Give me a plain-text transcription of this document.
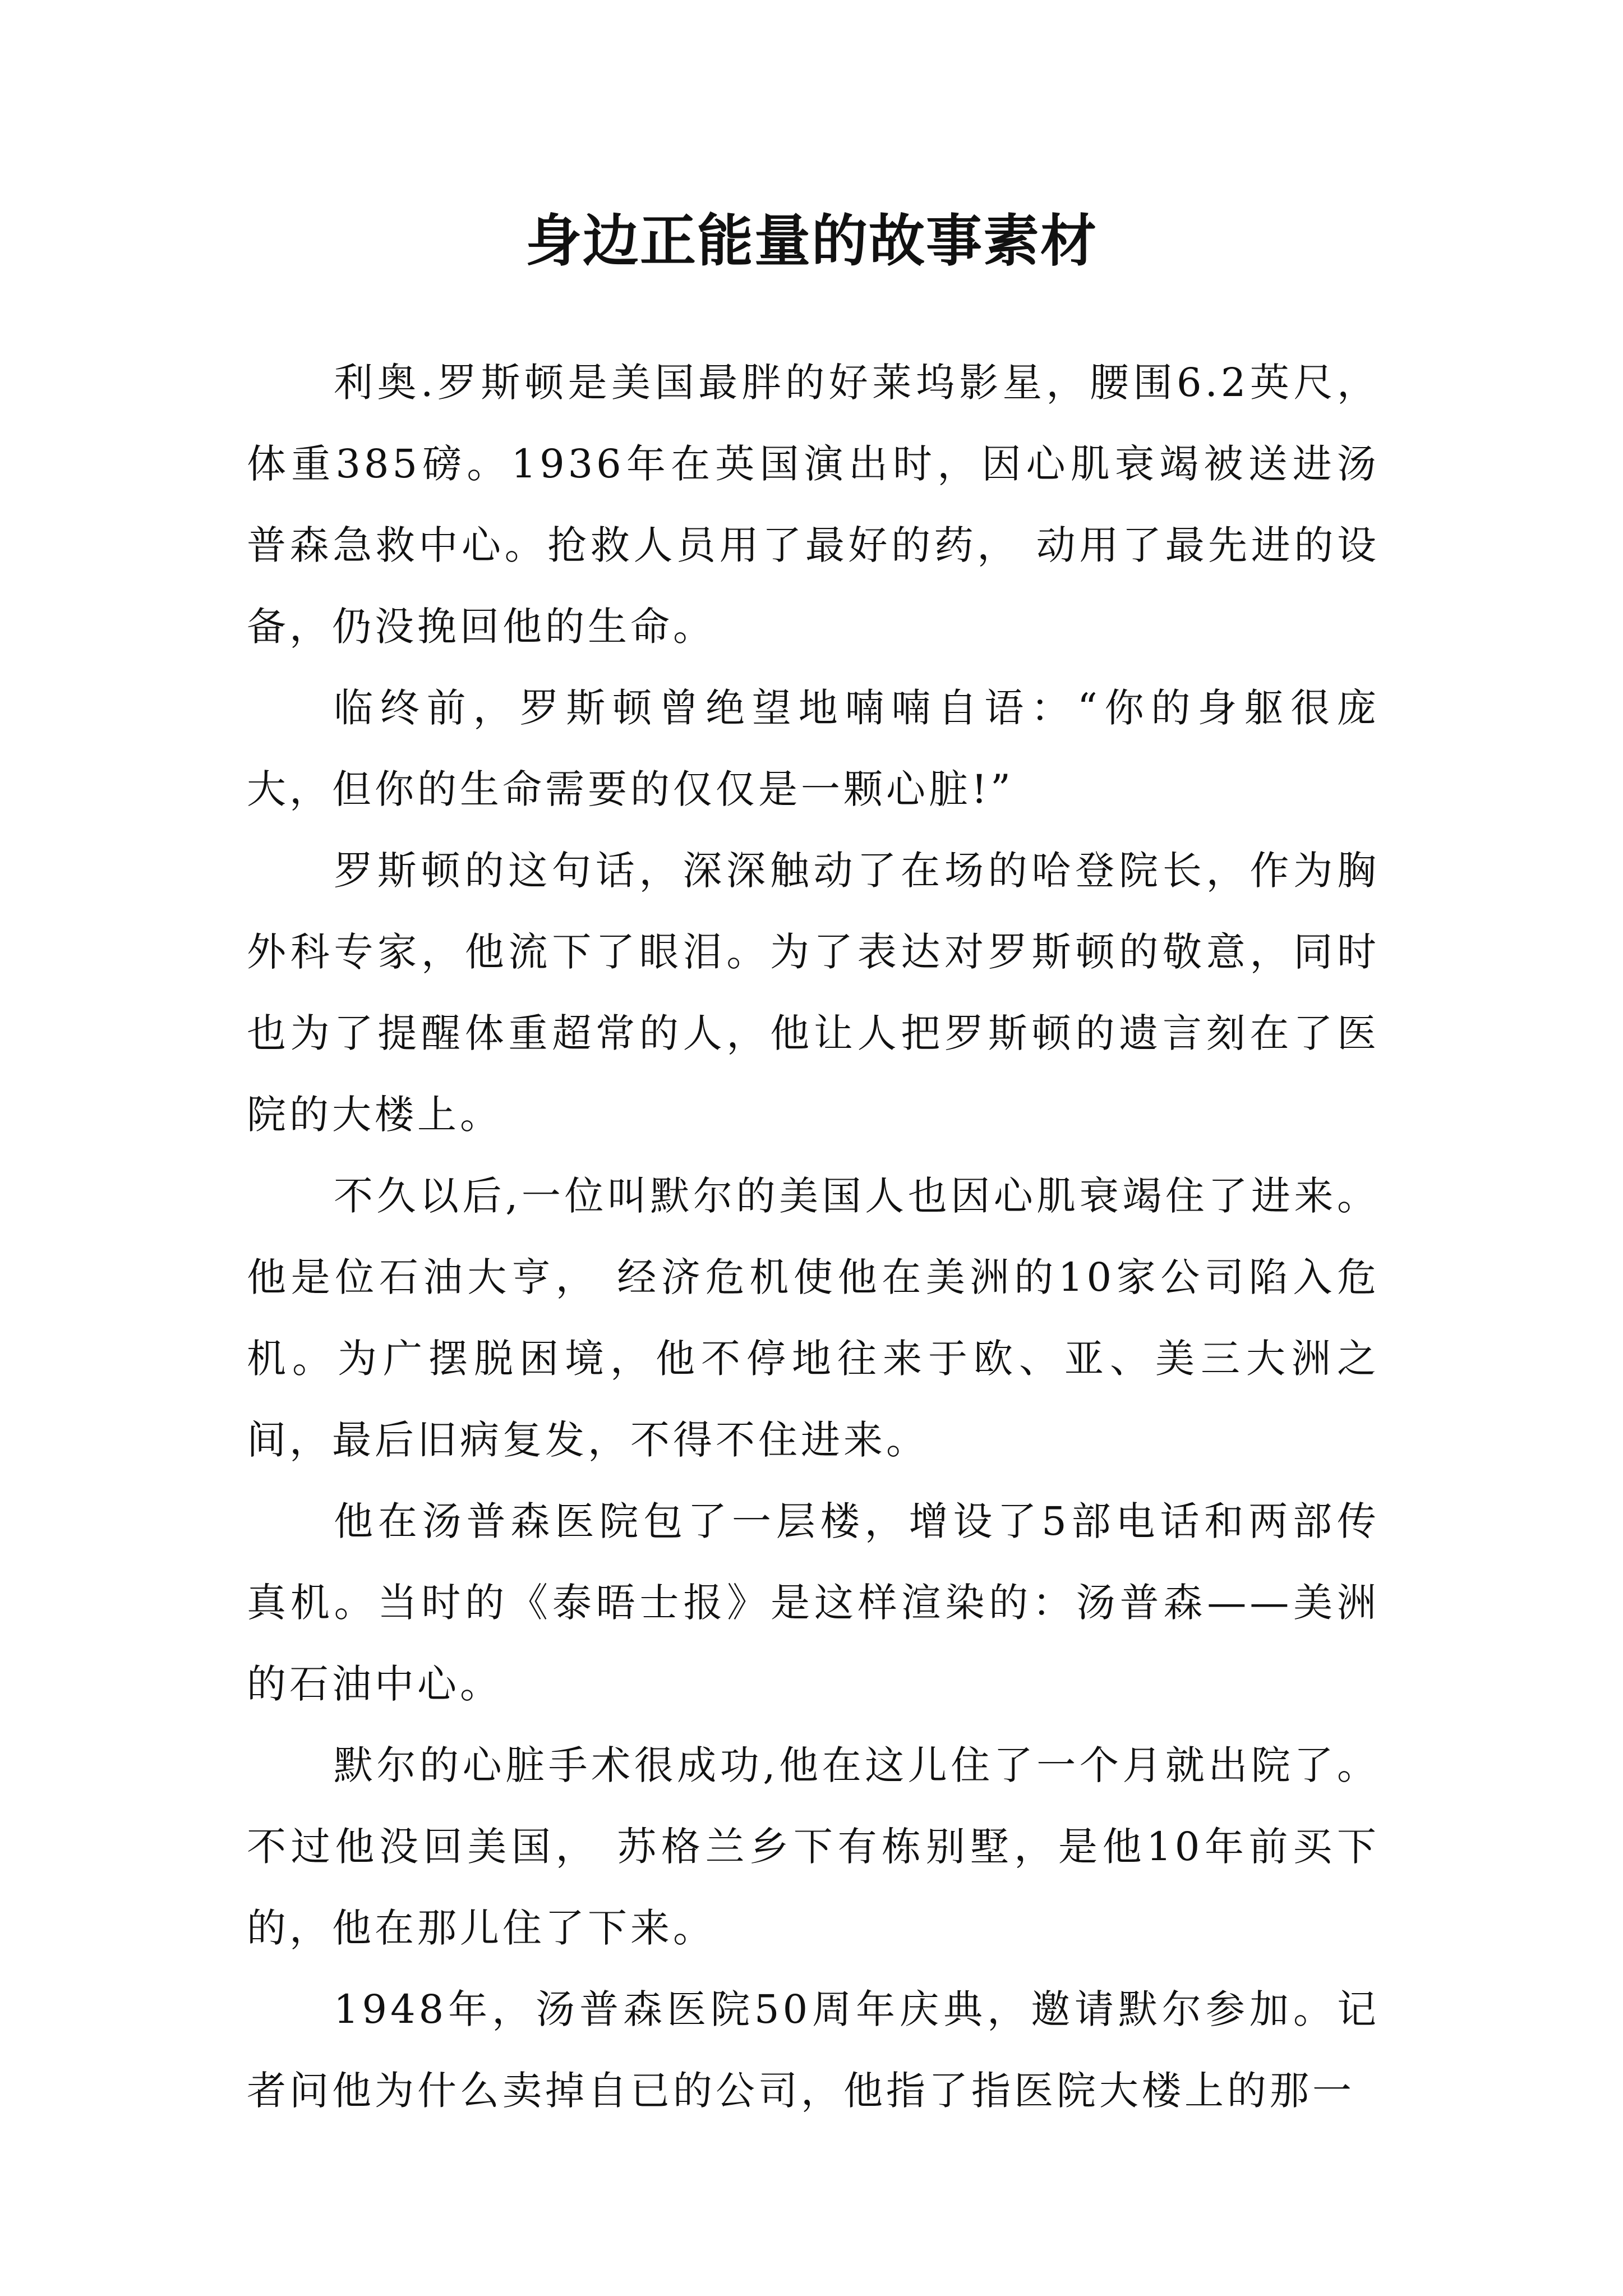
身边正能量的故事素材

利奥.罗斯顿是美国最胖的好莱坞影星，腰围6.2英尺，体重385磅。1936年在英国演出时，因心肌衰竭被送进汤普森急救中心。抢救人员用了最好的药， 动用了最先进的设备，仍没挽回他的生命。

临终前，罗斯顿曾绝望地喃喃自语：“你的身躯很庞大，但你的生命需要的仅仅是一颗心脏!”

罗斯顿的这句话，深深触动了在场的哈登院长，作为胸外科专家，他流下了眼泪。为了表达对罗斯顿的敬意，同时也为了提醒体重超常的人，他让人把罗斯顿的遗言刻在了医院的大楼上。

不久以后,一位叫默尔的美国人也因心肌衰竭住了进来。他是位石油大亨， 经济危机使他在美洲的10家公司陷入危机。为广摆脱困境，他不停地往来于欧、亚、美三大洲之间，最后旧病复发，不得不住进来。

他在汤普森医院包了一层楼，增设了5部电话和两部传真机。当时的《泰晤士报》是这样渲染的：汤普森——美洲的石油中心。

默尔的心脏手术很成功,他在这儿住了一个月就出院了。不过他没回美国， 苏格兰乡下有栋别墅，是他10年前买下的，他在那儿住了下来。

1948年，汤普森医院50周年庆典，邀请默尔参加。记者问他为什么卖掉自已的公司，他指了指医院大楼上的那一
